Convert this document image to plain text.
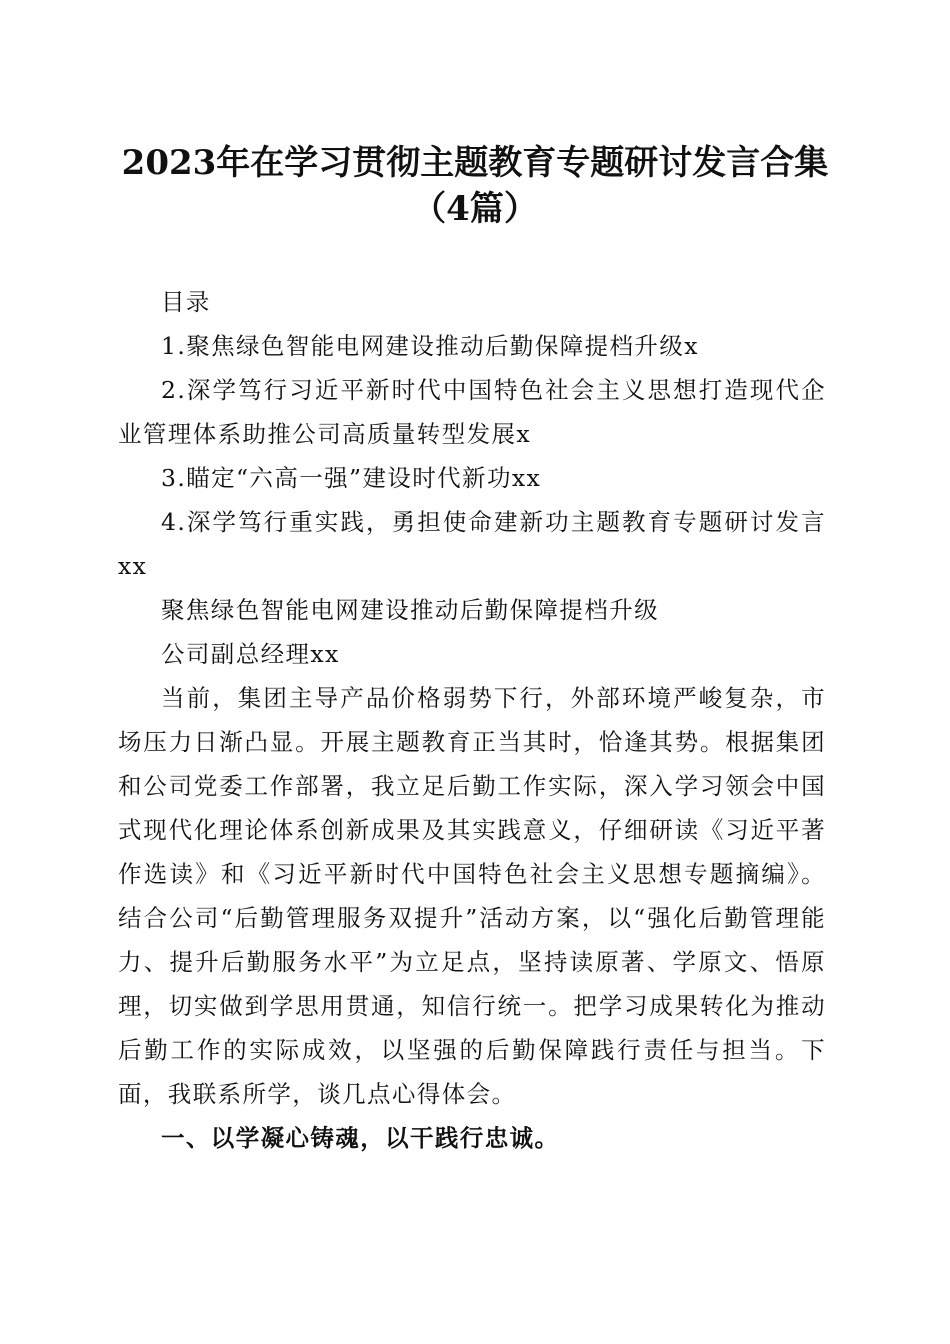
2023年在学习贯彻主题教育专题研讨发言合集（4篇）

目录

1.聚焦绿色智能电网建设推动后勤保障提档升级x

2.深学笃行习近平新时代中国特色社会主义思想打造现代企业管理体系助推公司高质量转型发展x

3.瞄定“六高一强”建设时代新功xx

4.深学笃行重实践，勇担使命建新功主题教育专题研讨发言xx

聚焦绿色智能电网建设推动后勤保障提档升级

公司副总经理xx

当前，集团主导产品价格弱势下行，外部环境严峻复杂，市场压力日渐凸显。开展主题教育正当其时，恰逢其势。根据集团和公司党委工作部署，我立足后勤工作实际，深入学习领会中国式现代化理论体系创新成果及其实践意义，仔细研读《习近平著作选读》和《习近平新时代中国特色社会主义思想专题摘编》。结合公司“后勤管理服务双提升”活动方案，以“强化后勤管理能力、提升后勤服务水平”为立足点，坚持读原著、学原文、悟原理，切实做到学思用贯通，知信行统一。把学习成果转化为推动后勤工作的实际成效，以坚强的后勤保障践行责任与担当。下面，我联系所学，谈几点心得体会。

一、以学凝心铸魂，以干践行忠诚。
